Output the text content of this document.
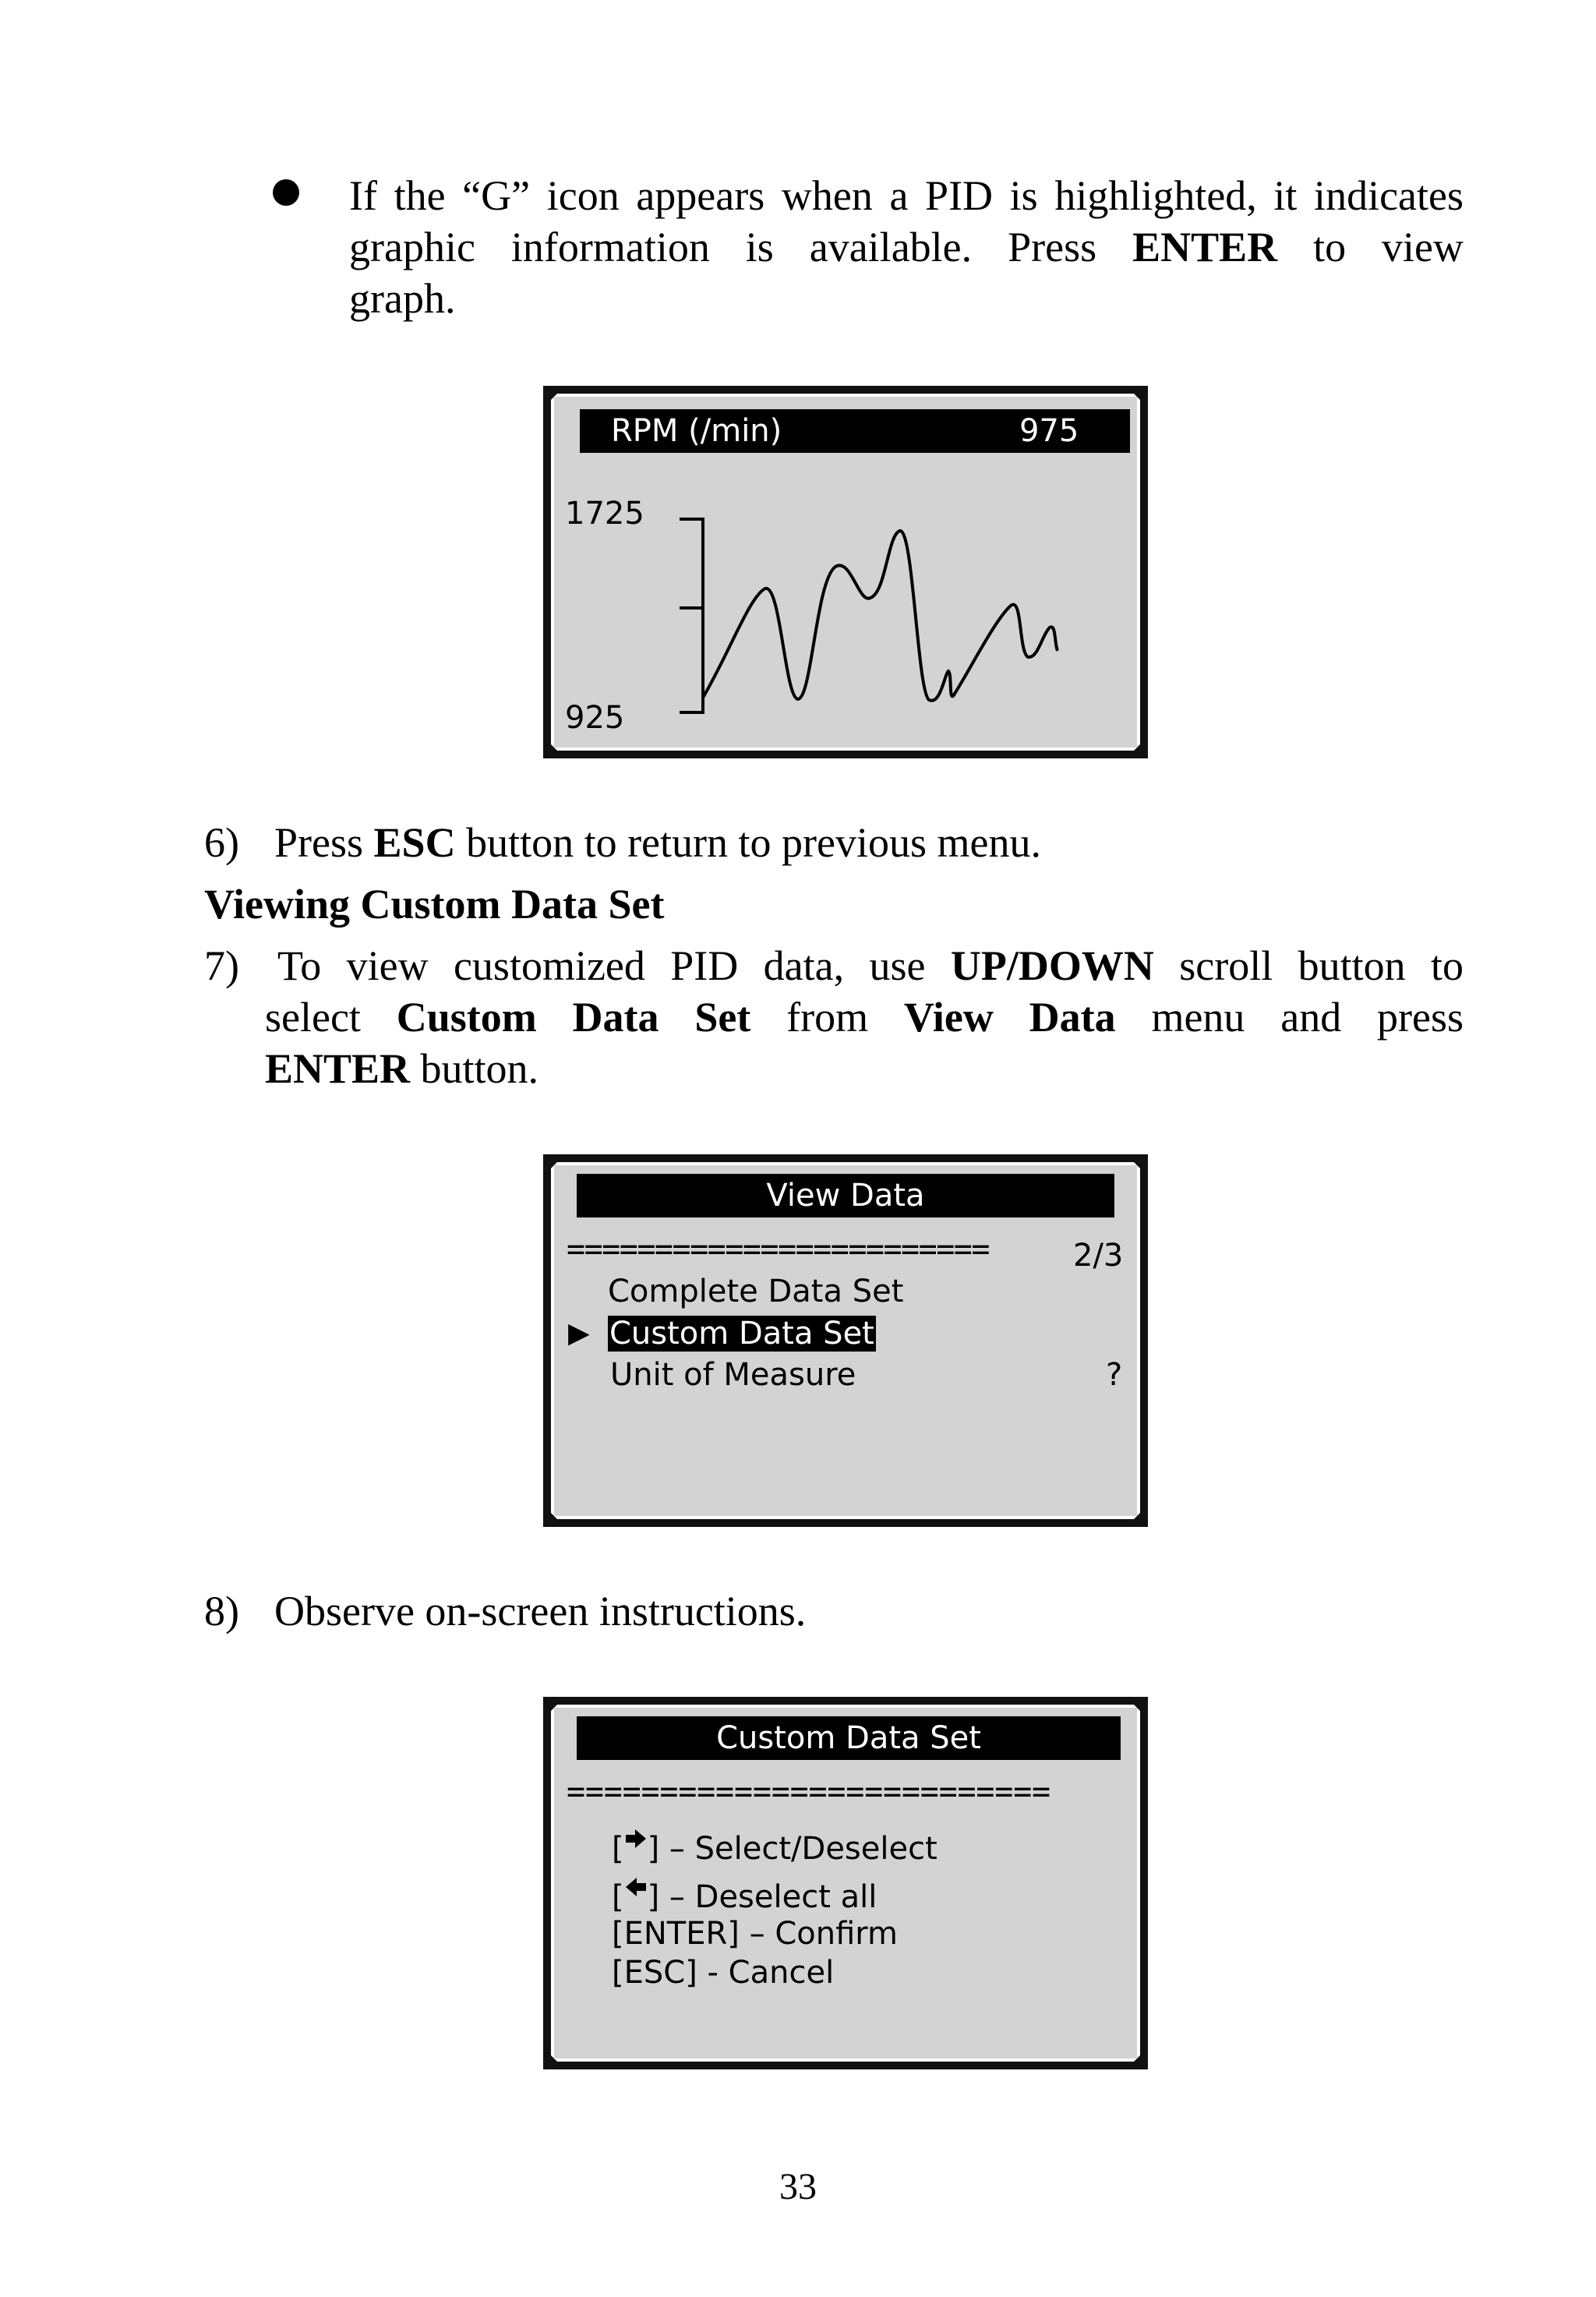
If the “G” icon appears when a PID is highlighted, it indicates
graphic information is available. Press ENTER to view
graph.
RPM (/min)	975
1725
925
6) Press ESC button to return to previous menu.
Viewing Custom Data Set
7) To view customized PID data, use UP/DOWN scroll button to
select Custom Data Set from View Data menu and press
ENTER button.
View Data
========================	2/3
Complete Data Set
▶ Custom Data Set
Unit of Measure	?
8) Observe on-screen instructions.
Custom Data Set
==========================
[ ] – Select/Deselect
[ ] – Deselect all
[ENTER] – Confirm
[ESC] - Cancel
33
